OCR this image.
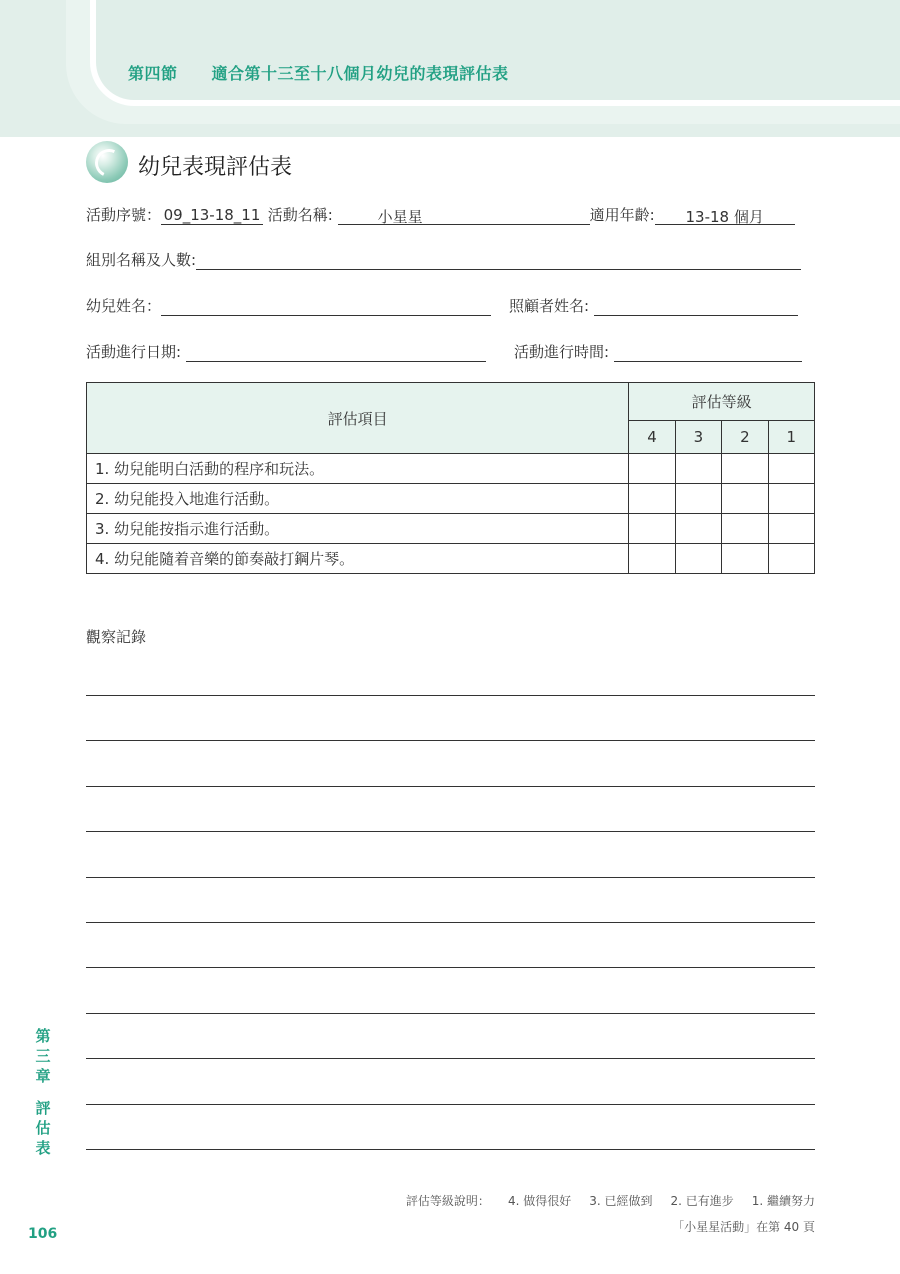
第四節 適合第十三至十八個月幼兒的表現評估表
幼兒表現評估表
活動序號： 09_13-18_11 活動名稱:	小星星	適用年齡: 13-18 個月
組別名稱及人數:
幼兒姓名：	照顧者姓名:
活動進行日期:	活動進行時間:
評估項目	評估等級			
	4	3	2	1
1. 幼兒能明白活動的程序和玩法。				
2. 幼兒能投入地進行活動。				
3. 幼兒能按指示進行活動。				
4. 幼兒能隨着音樂的節奏敲打鋼片琴。				
觀察記錄
第
三
章
評
估
表
106
評估等級說明： 4. 做得很好 3. 已經做到 2. 已有進步 1. 繼續努力
「小星星活動」在第 40 頁
